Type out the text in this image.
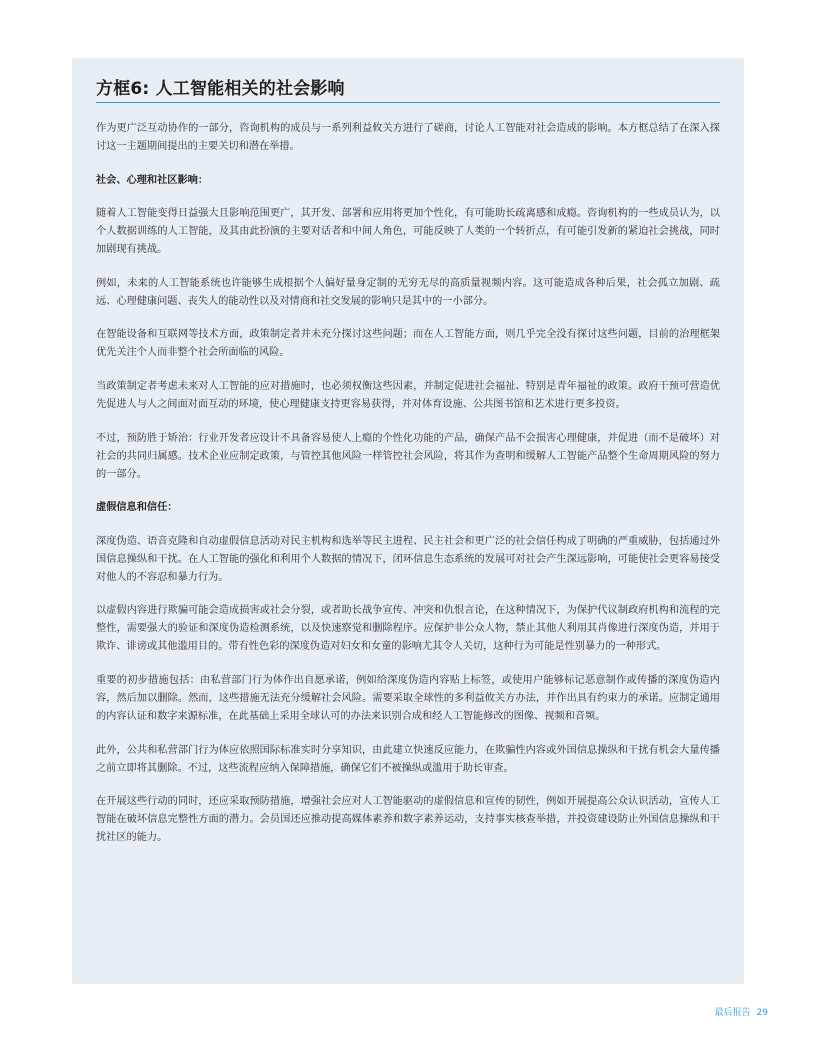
方框6: 人工智能相关的社会影响

作为更广泛互动协作的一部分，咨询机构的成员与一系列利益攸关方进行了磋商，讨论人工智能对社会造成的影响。本方框总结了在深入探讨这一主题期间提出的主要关切和潜在举措。

社会、心理和社区影响：

随着人工智能变得日益强大且影响范围更广，其开发、部署和应用将更加个性化，有可能助长疏离感和成瘾。咨询机构的一些成员认为，以个人数据训练的人工智能，及其由此扮演的主要对话者和中间人角色，可能反映了人类的一个转折点，有可能引发新的紧迫社会挑战，同时加剧现有挑战。

例如，未来的人工智能系统也许能够生成根据个人偏好量身定制的无穷无尽的高质量视频内容。这可能造成各种后果，社会孤立加剧、疏远、心理健康问题、丧失人的能动性以及对情商和社交发展的影响只是其中的一小部分。

在智能设备和互联网等技术方面，政策制定者并未充分探讨这些问题；而在人工智能方面，则几乎完全没有探讨这些问题，目前的治理框架优先关注个人而非整个社会所面临的风险。

当政策制定者考虑未来对人工智能的应对措施时，也必须权衡这些因素，并制定促进社会福祉、特别是青年福祉的政策。政府干预可营造优先促进人与人之间面对面互动的环境，使心理健康支持更容易获得，并对体育设施、公共图书馆和艺术进行更多投资。

不过，预防胜于矫治：行业开发者应设计不具备容易使人上瘾的个性化功能的产品，确保产品不会损害心理健康，并促进（而不是破坏）对社会的共同归属感。技术企业应制定政策，与管控其他风险一样管控社会风险，将其作为查明和缓解人工智能产品整个生命周期风险的努力的一部分。

虚假信息和信任：

深度伪造、语音克隆和自动虚假信息活动对民主机构和选举等民主进程、民主社会和更广泛的社会信任构成了明确的严重威胁，包括通过外国信息操纵和干扰。在人工智能的强化和利用个人数据的情况下，闭环信息生态系统的发展可对社会产生深远影响，可能使社会更容易接受对他人的不容忍和暴力行为。

以虚假内容进行欺骗可能会造成损害或社会分裂，或者助长战争宣传、冲突和仇恨言论，在这种情况下，为保护代议制政府机构和流程的完整性，需要强大的验证和深度伪造检测系统，以及快速察觉和删除程序。应保护非公众人物，禁止其他人利用其肖像进行深度伪造，并用于欺诈、诽谤或其他滥用目的。带有性色彩的深度伪造对妇女和女童的影响尤其令人关切，这种行为可能是性别暴力的一种形式。

重要的初步措施包括：由私营部门行为体作出自愿承诺，例如给深度伪造内容贴上标签，或使用户能够标记恶意制作或传播的深度伪造内容，然后加以删除。然而，这些措施无法充分缓解社会风险。需要采取全球性的多利益攸关方办法，并作出具有约束力的承诺。应制定通用的内容认证和数字来源标准，在此基础上采用全球认可的办法来识别合成和经人工智能修改的图像、视频和音频。

此外，公共和私营部门行为体应依照国际标准实时分享知识，由此建立快速反应能力，在欺骗性内容或外国信息操纵和干扰有机会大量传播之前立即将其删除。不过，这些流程应纳入保障措施，确保它们不被操纵或滥用于助长审查。

在开展这些行动的同时，还应采取预防措施，增强社会应对人工智能驱动的虚假信息和宣传的韧性，例如开展提高公众认识活动，宣传人工智能在破坏信息完整性方面的潜力。会员国还应推动提高媒体素养和数字素养运动，支持事实核查举措，并投资建设防止外国信息操纵和干扰社区的能力。

最后报告 29
